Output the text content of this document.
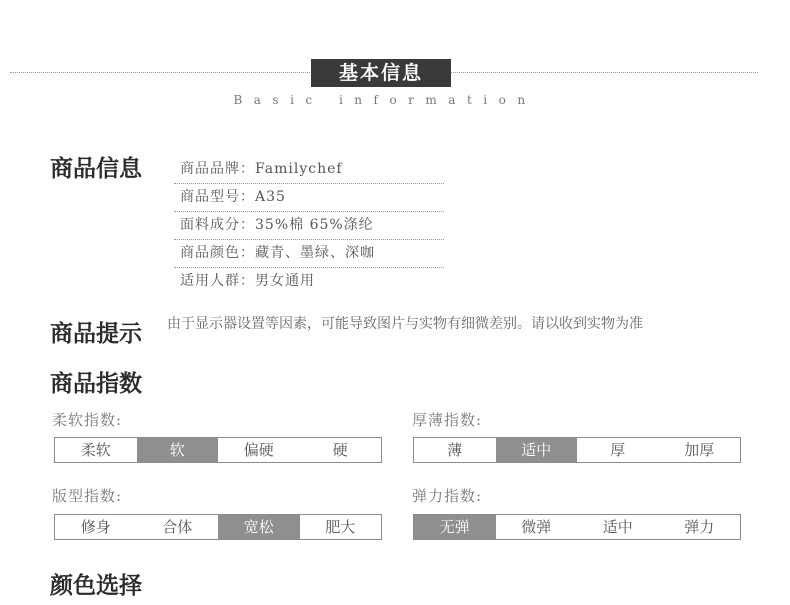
基本信息
Basic information
商品信息	商品品牌：Familychef
商品型号：A35
面料成分：35%棉 65%涤纶
商品颜色：藏青、墨绿、深咖
适用人群：男女通用
商品提示 由于显示器设置等因素，可能导致图片与实物有细微差别。请以收到实物为准
商品指数
柔软指数:
柔软	软	偏硬	硬
厚薄指数:
薄	适中	厚	加厚
版型指数:
修身	合体	宽松	肥大
弹力指数:
无弹	微弹	适中	弹力
颜色选择
